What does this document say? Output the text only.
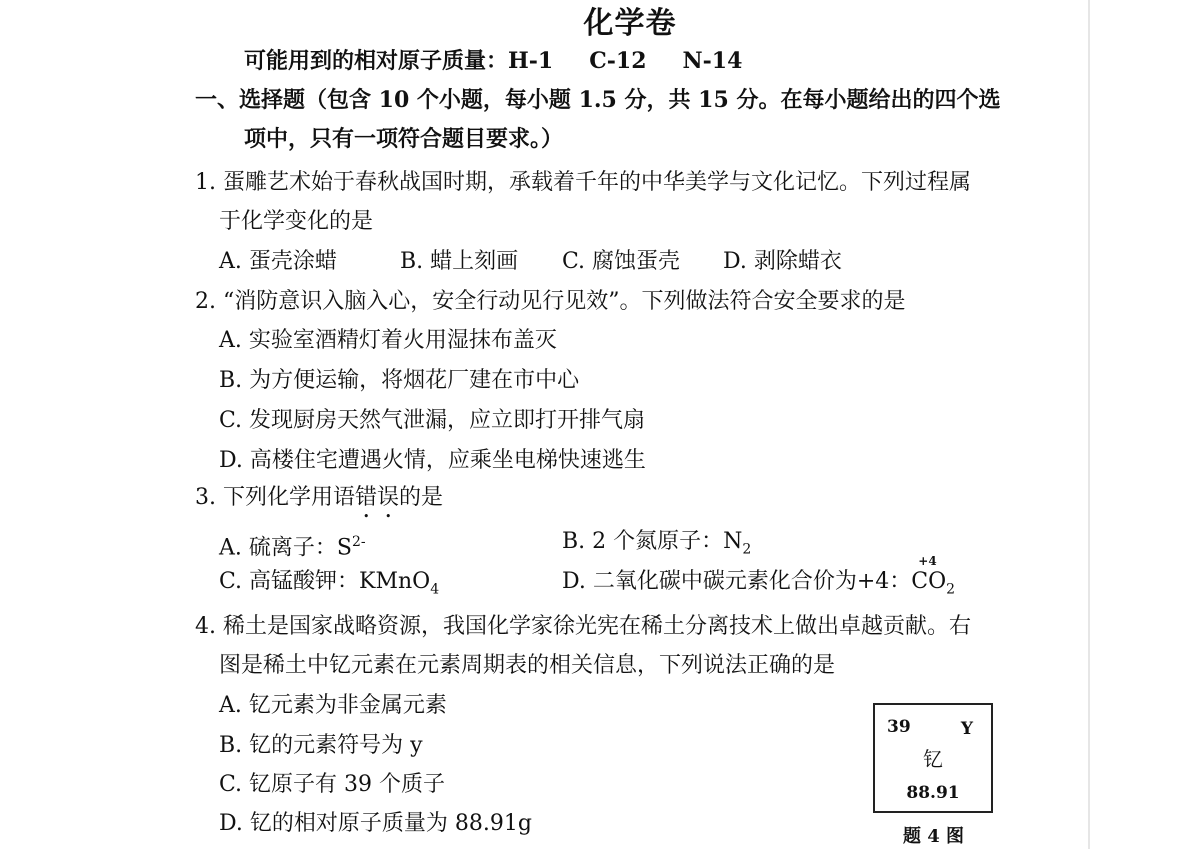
化学卷
可能用到的相对原子质量：H-1 C-12 N-14
一、选择题（包含 10 个小题，每小题 1.5 分，共 15 分。在每小题给出的四个选
项中，只有一项符合题目要求。）
1. 蛋雕艺术始于春秋战国时期，承载着千年的中华美学与文化记忆。下列过程属
于化学变化的是
A. 蛋壳涂蜡	B. 蜡上刻画 C. 腐蚀蛋壳 D. 剥除蜡衣
2. “消防意识入脑入心，安全行动见行见效”。下列做法符合安全要求的是
A. 实验室酒精灯着火用湿抹布盖灭
B. 为方便运输，将烟花厂建在市中心
C. 发现厨房天然气泄漏，应立即打开排气扇
D. 高楼住宅遭遇火情，应乘坐电梯快速逃生
3. 下列化学用语错误的是
A. 硫离子：$S^{2-}$	B. 2 个氮原子：$N_2$
C. 高锰酸钾：KMnO$_4$	D. 二氧化碳中碳元素化合价为+4：
+4
$CO_2$
4. 稀土是国家战略资源，我国化学家徐光宪在稀土分离技术上做出卓越贡献。右
图是稀土中钇元素在元素周期表的相关信息，下列说法正确的是
A. 钇元素为非金属元素
B. 钇的元素符号为 y
C. 钇原子有 39 个质子
D. 钇的相对原子质量为 88.91g
39	Y
钇
88.91
题 4 图
